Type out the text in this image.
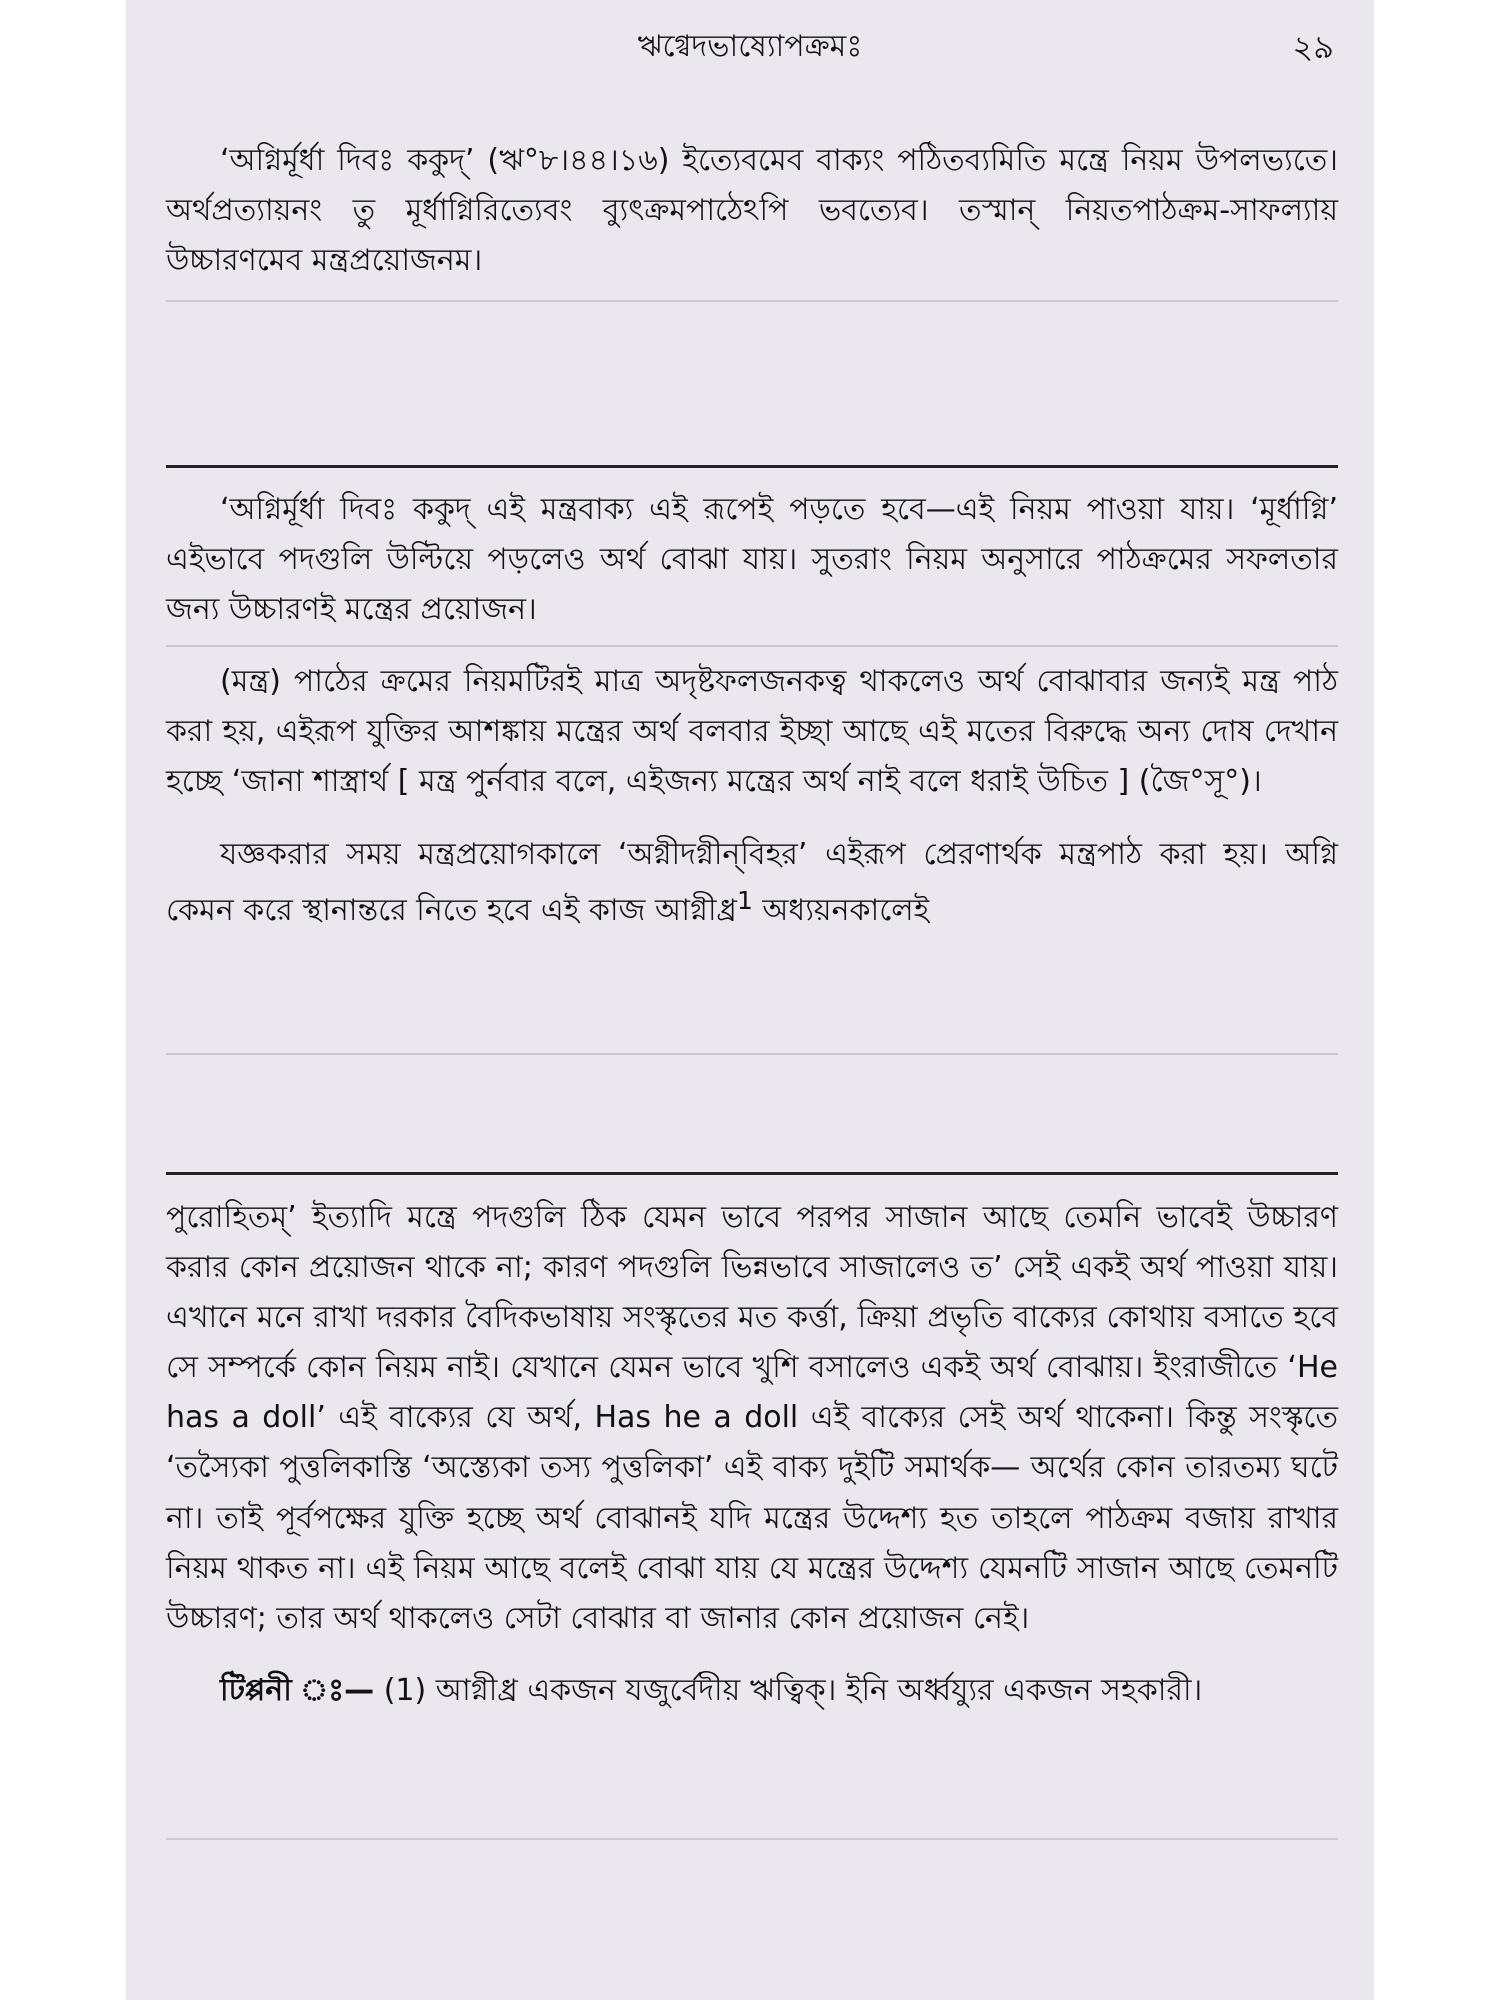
ঋগ্বেদভাষ্যোপক্রমঃ	২৯

‘অগ্নির্মূর্ধা দিবঃ ককুদ্’ (ঋ°৮।৪৪।১৬) ইত্যেবমেব বাক্যং পঠিতব্যমিতি মন্ত্রে নিয়ম উপলভ্যতে। অর্থপ্রত্যায়নং তু মূর্ধাগ্নিরিত্যেবং ব্যুৎক্রমপাঠেঽপি ভবত্যেব। তস্মান্ নিয়তপাঠক্রম-সাফল্যায় উচ্চারণমেব মন্ত্রপ্রয়োজনম।

‘অগ্নির্মূর্ধা দিবঃ ককুদ্ এই মন্ত্রবাক্য এই রূপেই পড়তে হবে—এই নিয়ম পাওয়া যায়। ‘মূর্ধাগ্নি’ এইভাবে পদগুলি উল্টিয়ে পড়লেও অর্থ বোঝা যায়। সুতরাং নিয়ম অনুসারে পাঠক্রমের সফলতার জন্য উচ্চারণই মন্ত্রের প্রয়োজন।

(মন্ত্র) পাঠের ক্রমের নিয়মটিরই মাত্র অদৃষ্টফলজনকত্ব থাকলেও অর্থ বোঝাবার জন্যই মন্ত্র পাঠ করা হয়, এইরূপ যুক্তির আশঙ্কায় মন্ত্রের অর্থ বলবার ইচ্ছা আছে এই মতের বিরুদ্ধে অন্য দোষ দেখান হচ্ছে ‘জানা শাস্ত্রার্থ [ মন্ত্র পুর্নবার বলে, এইজন্য মন্ত্রের অর্থ নাই বলে ধরাই উচিত ] (জৈ°সূ°)।

যজ্ঞকরার সময় মন্ত্রপ্রয়োগকালে ‘অগ্নীদগ্নীন্‌বিহর’ এইরূপ প্রেরণার্থক মন্ত্রপাঠ করা হয়। অগ্নি কেমন করে স্থানান্তরে নিতে হবে এই কাজ আগ্নীধ্র$^1$ অধ্যয়নকালেই

পুরোহিতম্’ ইত্যাদি মন্ত্রে পদগুলি ঠিক যেমন ভাবে পরপর সাজান আছে তেমনি ভাবেই উচ্চারণ করার কোন প্রয়োজন থাকে না; কারণ পদগুলি ভিন্নভাবে সাজালেও ত’ সেই একই অর্থ পাওয়া যায়। এখানে মনে রাখা দরকার বৈদিকভাষায় সংস্কৃতের মত কর্ত্তা, ক্রিয়া প্রভৃতি বাক্যের কোথায় বসাতে হবে সে সম্পর্কে কোন নিয়ম নাই। যেখানে যেমন ভাবে খুশি বসালেও একই অর্থ বোঝায়। ইংরাজীতে ‘He has a doll’ এই বাক্যের যে অর্থ, Has he a doll এই বাক্যের সেই অর্থ থাকেনা। কিন্তু সংস্কৃতে ‘তস্যৈকা পুত্তলিকাস্তি ‘অস্ত্যেকা তস্য পুত্তলিকা’ এই বাক্য দুইটি সমার্থক— অর্থের কোন তারতম্য ঘটে না। তাই পূর্বপক্ষের যুক্তি হচ্ছে অর্থ বোঝানই যদি মন্ত্রের উদ্দেশ্য হত তাহলে পাঠক্রম বজায় রাখার নিয়ম থাকত না। এই নিয়ম আছে বলেই বোঝা যায় যে মন্ত্রের উদ্দেশ্য যেমনটি সাজান আছে তেমনটি উচ্চারণ; তার অর্থ থাকলেও সেটা বোঝার বা জানার কোন প্রয়োজন নেই।

টিপ্পনী ঃ— (1) আগ্নীধ্র একজন যজুর্বেদীয় ঋত্বিক্। ইনি অর্ধ্বয্যুর একজন সহকারী।
